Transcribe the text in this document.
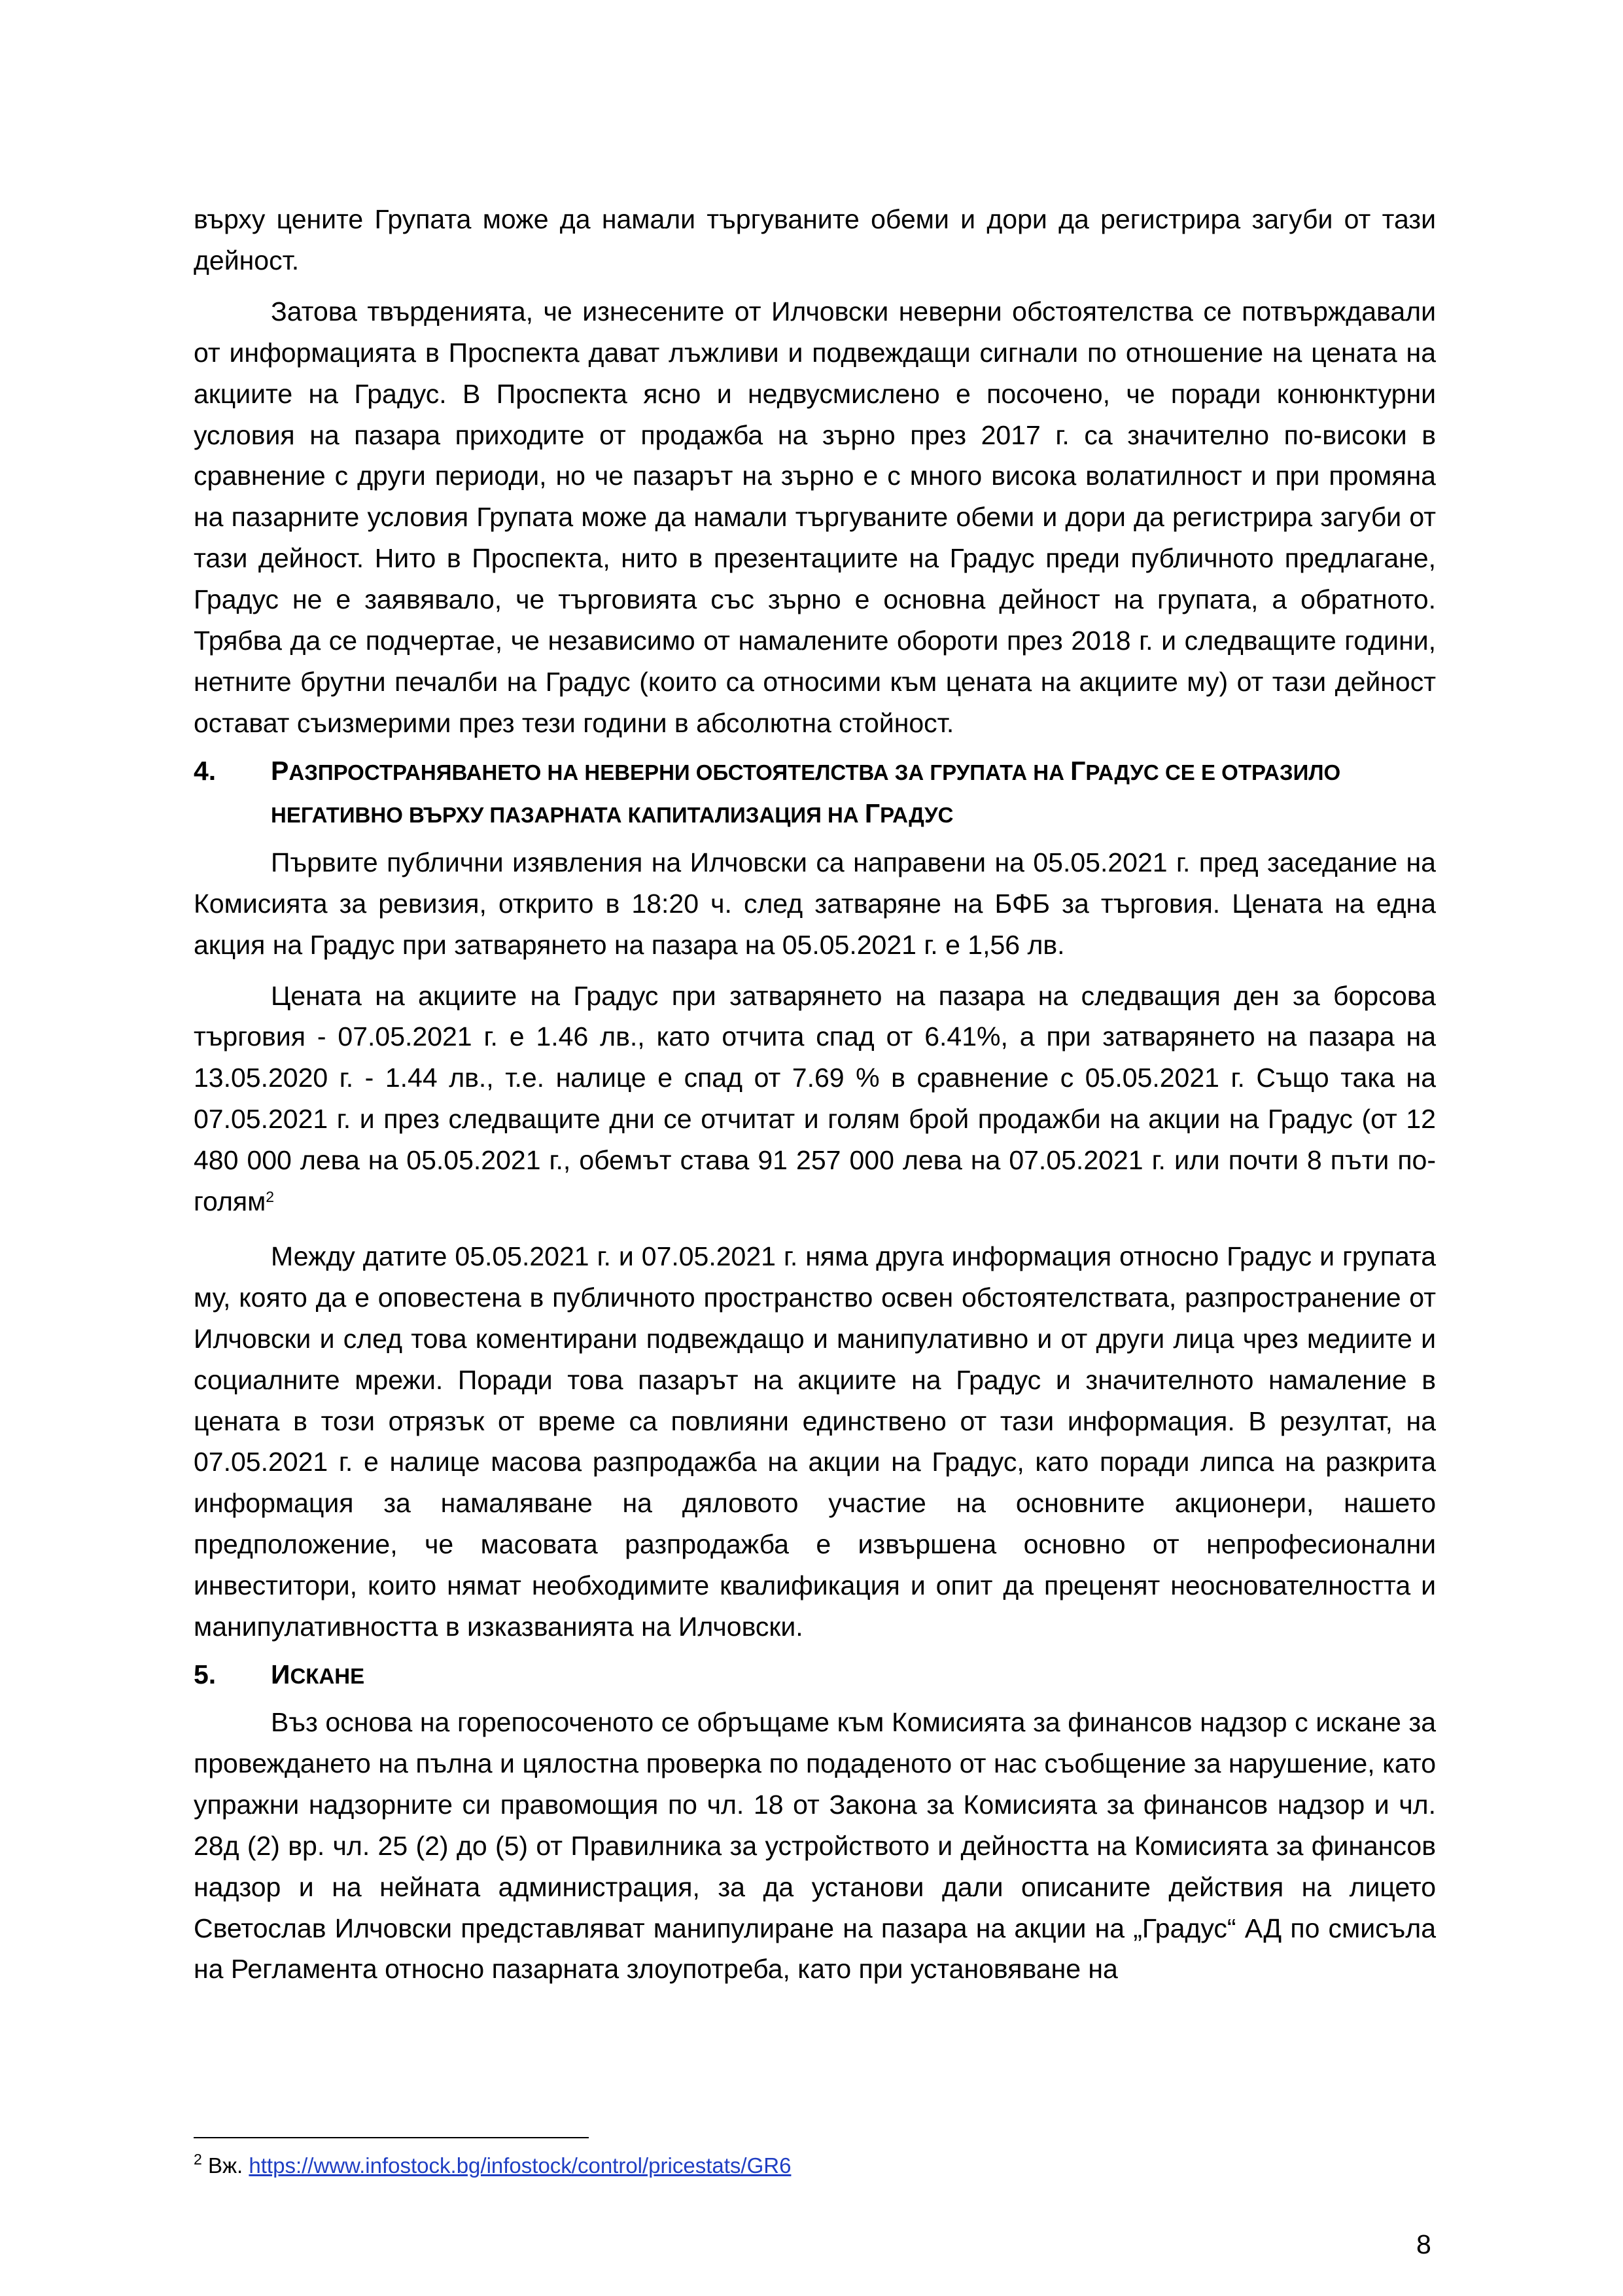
върху цените Групата може да намали търгуваните обеми и дори да регистрира загуби от тази дейност.

Затова твърденията, че изнесените от Илчовски неверни обстоятелства се потвърждавали от информацията в Проспекта дават лъжливи и подвеждащи сигнали по отношение на цената на акциите на Градус. В Проспекта ясно и недвусмислено е посочено, че поради конюнктурни условия на пазара приходите от продажба на зърно през 2017 г. са значително по-високи в сравнение с други периоди, но че пазарът на зърно е с много висока волатилност и при промяна на пазарните условия Групата може да намали търгуваните обеми и дори да регистрира загуби от тази дейност. Нито в Проспекта, нито в презентациите на Градус преди публичното предлагане, Градус не е заявявало, че търговията със зърно е основна дейност на групата, а обратното. Трябва да се подчертае, че независимо от намалените обороти през 2018 г. и следващите години, нетните брутни печалби на Градус (които са относими към цената на акциите му) от тази дейност остават съизмерими през тези години в абсолютна стойност.

4. РАЗПРОСТРАНЯВАНЕТО НА НЕВЕРНИ ОБСТОЯТЕЛСТВА ЗА ГРУПАТА НА ГРАДУС СЕ Е ОТРАЗИЛО НЕГАТИВНО ВЪРХУ ПАЗАРНАТА КАПИТАЛИЗАЦИЯ НА ГРАДУС

Първите публични изявления на Илчовски са направени на 05.05.2021 г. пред заседание на Комисията за ревизия, открито в 18:20 ч. след затваряне на БФБ за търговия. Цената на една акция на Градус при затварянето на пазара на 05.05.2021 г. е 1,56 лв.

Цената на акциите на Градус при затварянето на пазара на следващия ден за борсова търговия - 07.05.2021 г. е 1.46 лв., като отчита спад от 6.41%, а при затварянето на пазара на 13.05.2020 г. - 1.44 лв., т.е. налице е спад от 7.69 % в сравнение с 05.05.2021 г. Също така на 07.05.2021 г. и през следващите дни се отчитат и голям брой продажби на акции на Градус (от 12 480 000 лева на 05.05.2021 г., обемът става 91 257 000 лева на 07.05.2021 г. или почти 8 пъти по-голям$^2$

Между датите 05.05.2021 г. и 07.05.2021 г. няма друга информация относно Градус и групата му, която да е оповестена в публичното пространство освен обстоятелствата, разпространение от Илчовски и след това коментирани подвеждащо и манипулативно и от други лица чрез медиите и социалните мрежи. Поради това пазарът на акциите на Градус и значителното намаление в цената в този отрязък от време са повлияни единствено от тази информация. В резултат, на 07.05.2021 г. е налице масова разпродажба на акции на Градус, като поради липса на разкрита информация за намаляване на дяловото участие на основните акционери, нашето предположение, че масовата разпродажба е извършена основно от непрофесионални инвеститори, които нямат необходимите квалификация и опит да преценят неоснователността и манипулативността в изказванията на Илчовски.

5. ИСКАНЕ

Въз основа на горепосоченото се обръщаме към Комисията за финансов надзор с искане за провеждането на пълна и цялостна проверка по подаденото от нас съобщение за нарушение, като упражни надзорните си правомощия по чл. 18 от Закона за Комисията за финансов надзор и чл. 28д (2) вр. чл. 25 (2) до (5) от Правилника за устройството и дейността на Комисията за финансов надзор и на нейната администрация, за да установи дали описаните действия на лицето Светослав Илчовски представляват манипулиране на пазара на акции на „Градус“ АД по смисъла на Регламента относно пазарната злоупотреба, като при установяване на

$^2$ Вж. https://www.infostock.bg/infostock/control/pricestats/GR6
8
